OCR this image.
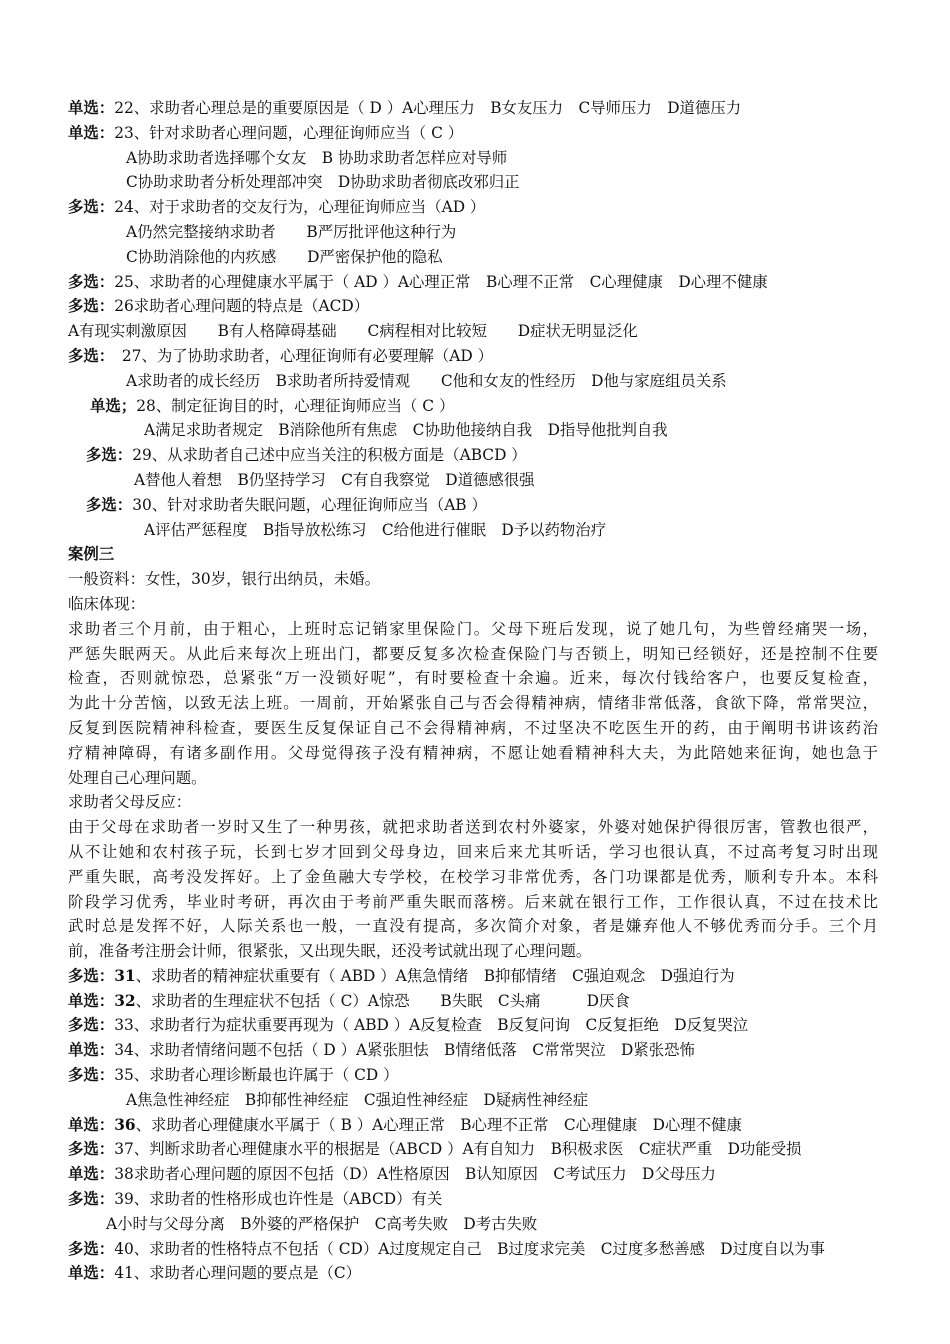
单选：22、求助者心理总是的重要原因是（ D ）A心理压力　B女友压力　C导师压力　D道德压力
单选：23、针对求助者心理问题，心理征询师应当（ C ）
A协助求助者选择哪个女友　B 协助求助者怎样应对导师
C协助求助者分析处理部冲突　D协助求助者彻底改邪归正
多选：24、对于求助者的交友行为，心理征询师应当（AD ）
A仍然完整接纳求助者　　B严厉批评他这种行为
C协助消除他的内疚感　　D严密保护他的隐私
多选：25、求助者的心理健康水平属于（ AD ）A心理正常　B心理不正常　C心理健康　D心理不健康
多选：26求助者心理问题的特点是（ACD）
A有现实刺激原因　　B有人格障碍基础　　C病程相对比较短　　D症状无明显泛化
多选：　27、为了协助求助者，心理征询师有必要理解（AD ）
A求助者的成长经历　B求助者所持爱情观　　C他和女友的性经历　D他与家庭组员关系
单选；28、制定征询目的时，心理征询师应当（ C ）
A满足求助者规定　B消除他所有焦虑　C协助他接纳自我　D指导他批判自我
多选：29、从求助者自己述中应当关注的积极方面是（ABCD ）
A替他人着想　B仍坚持学习　C有自我察觉　D道德感很强
多选：30、针对求助者失眠问题，心理征询师应当（AB ）
A评估严惩程度　B指导放松练习　C给他进行催眠　D予以药物治疗
案例三
一般资料：女性，30岁，银行出纳员，未婚。
临床体现：
求助者三个月前，由于粗心，上班时忘记销家里保险门。父母下班后发现，说了她几句，为些曾经痛哭一场，
严惩失眠两天。从此后来每次上班出门，都要反复多次检查保险门与否锁上，明知已经锁好，还是控制不住要
检查，否则就惊恐，总紧张“万一没锁好呢”，有时要检查十余遍。近来，每次付钱给客户，也要反复检查，
为此十分苦恼，以致无法上班。一周前，开始紧张自己与否会得精神病，情绪非常低落，食欲下降，常常哭泣，
反复到医院精神科检查，要医生反复保证自己不会得精神病，不过坚决不吃医生开的药，由于阐明书讲该药治
疗精神障碍，有诸多副作用。父母觉得孩子没有精神病，不愿让她看精神科大夫，为此陪她来征询，她也急于
处理自己心理问题。
求助者父母反应：
由于父母在求助者一岁时又生了一种男孩，就把求助者送到农村外婆家，外婆对她保护得很厉害，管教也很严，
从不让她和农村孩子玩，长到七岁才回到父母身边，回来后来尤其听话，学习也很认真，不过高考复习时出现
严重失眠，高考没发挥好。上了金鱼融大专学校，在校学习非常优秀，各门功课都是优秀，顺利专升本。本科
阶段学习优秀，毕业时考研，再次由于考前严重失眠而落榜。后来就在银行工作，工作很认真，不过在技术比
武时总是发挥不好，人际关系也一般，一直没有提高，多次简介对象，者是嫌弃他人不够优秀而分手。三个月
前，准备考注册会计师，很紧张，又出现失眠，还没考试就出现了心理问题。
多选：31、求助者的精神症状重要有（ ABD ）A焦急情绪　B抑郁情绪　C强迫观念　D强迫行为
单选：32、求助者的生理症状不包括（ C）A惊恐　　B失眠　C头痛　　　D厌食
多选：33、求助者行为症状重要再现为（ ABD ）A反复检查　B反复问询　C反复拒绝　D反复哭泣
单选：34、求助者情绪问题不包括（ D ）A紧张胆怯　B情绪低落　C常常哭泣　D紧张恐怖
多选：35、求助者心理诊断最也许属于（ CD ）
A焦急性神经症　B抑郁性神经症　C强迫性神经症　D疑病性神经症
单选：36、求助者心理健康水平属于（ B ）A心理正常　B心理不正常　C心理健康　D心理不健康
多选：37、判断求助者心理健康水平的根据是（ABCD ）A有自知力　B积极求医　C症状严重　D功能受损
单选：38求助者心理问题的原因不包括（D）A性格原因　B认知原因　C考试压力　D父母压力
多选：39、求助者的性格形成也许性是（ABCD）有关
A小时与父母分离　B外婆的严格保护　C高考失败　D考古失败
多选：40、求助者的性格特点不包括（ CD）A过度规定自己　B过度求完美　C过度多愁善感　D过度自以为事
单选：41、求助者心理问题的要点是（C）
